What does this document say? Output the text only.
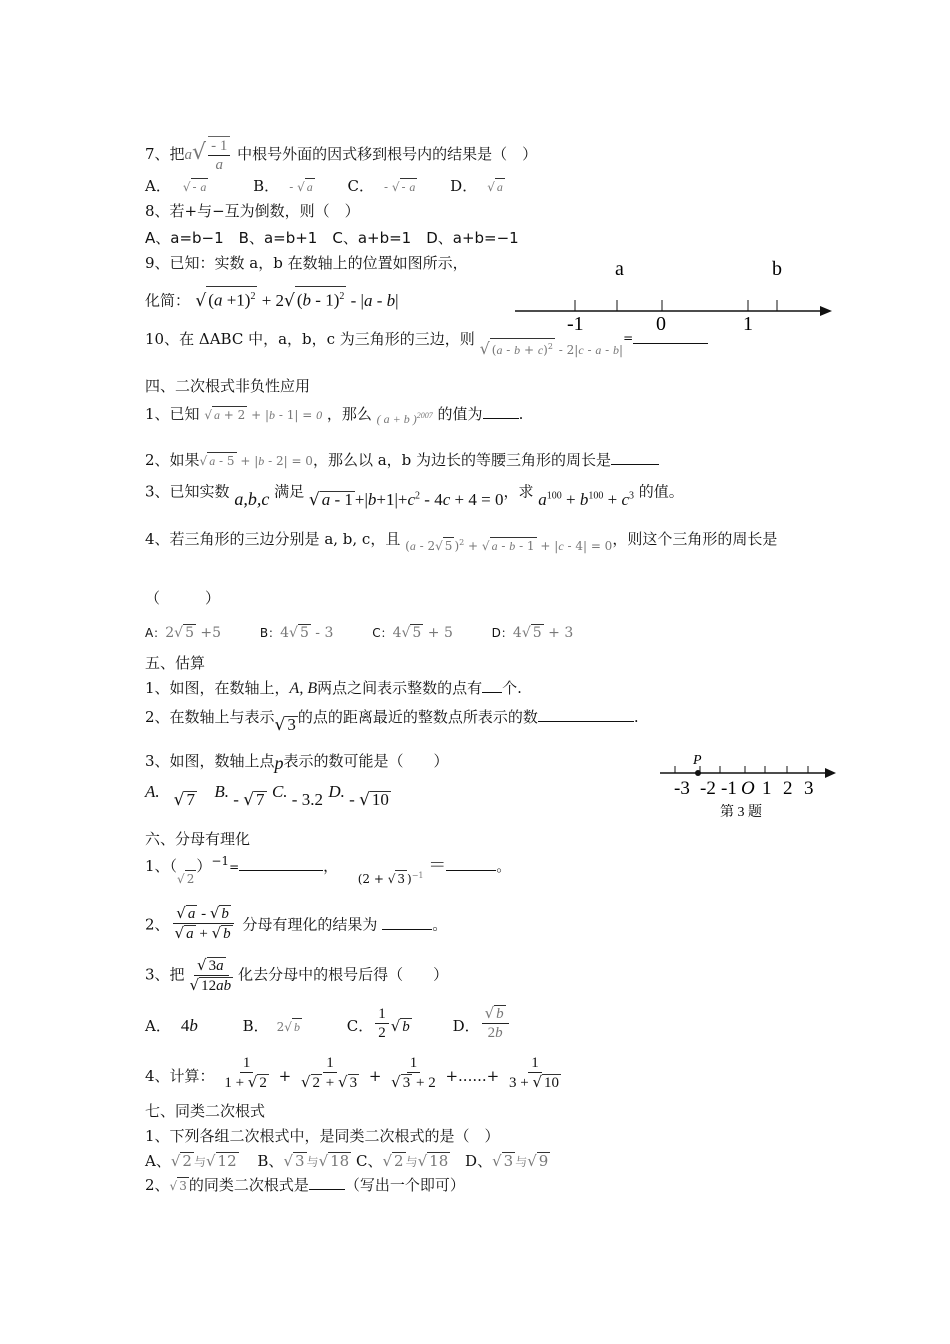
7、把$a√ \frac{- 1}{a}$ 中根号外面的因式移到根号内的结果是（　）
A． √ - a	B． - √ a C． - √ - a D． √ a
8、若+与−互为倒数，则（　）
A、a=b−1　B、a=b+1　C、a+b=1　D、a+b=−1
9、已知：实数 a，b 在数轴上的位置如图所示，
化简： √ $(a +1)^2 + 2√$ (b - 1)$^2$ - |a - b|
a	b
-1	0	1
10、在 ΔABC 中，a，b，c 为三角形的三边，则 $_{√ (a - b + c)^2 - 2|c - a - b|}$=
四、二次根式非负性应用
1、已知 √ a + 2 + |b - 1| = 0 ，那么 $_{( a + b )^{2007}}$ 的值为 .
2、如果√ a - 5 + |b - 2| = 0，那么以 a，b 为边长的等腰三角形的周长是
3、已知实数 a,b,c 满足 √ $a - 1 +|b+1|+c^2 - 4c + 4 = 0$，求 $a^{100} + b^{100} + c^3$ 的值。
4、若三角形的三边分别是 a, b, c，且 $_{(a - 2√ 5 )^2 + √ a - b - 1 + |c - 4| = 0}$，则这个三角形的周长是
（　　　）
A：2√ 5 +5	B：4√ 5 - 3	C：4√ 5 + 5	D：4√ 5 + 3
五、估算
1、如图，在数轴上，A, B两点之间表示整数的点有 个.
2、在数轴上与表示√ 3 的点的距离最近的整数点所表示的数	.
3、如图，数轴上点p表示的数可能是（　　）
A. √ 7 B. - √ 7 C. - 3.2 D. - √ 10
P
-3 -2 -1 O 1 2 3
第 3 题
六、分母有理化
1、$(_{√ 2})^{-1}=$	，  $_{(2 + √ 3 )^{-1}}$ ＝	。
2、 $\frac{√ a - √ b}{√ a + √ b}$ 分母有理化的结果为	。
3、把 $\frac{√ 3a}{√ 12ab}$ 化去分母中的根号后得（　　）
A． 4b	B． 2√ b	C． $\frac{1}{2}$ √ b	D． $\frac{√ b}{2b}$
4、计算： $\frac{1}{1 + √ 2} + \frac{1}{√ 2 + √ 3} + \frac{1}{√ 3 + 2}$ +......+ $\frac{1}{3 + √ 10}$
七、同类二次根式
1、下列各组二次根式中，是同类二次根式的是（　）
A、√ 2 与√ 12 B、√ 3 与√ 18 C、√ 2 与√ 18 D、√ 3 与√ 9
2、√ 3 的同类二次根式是 （写出一个即可）
